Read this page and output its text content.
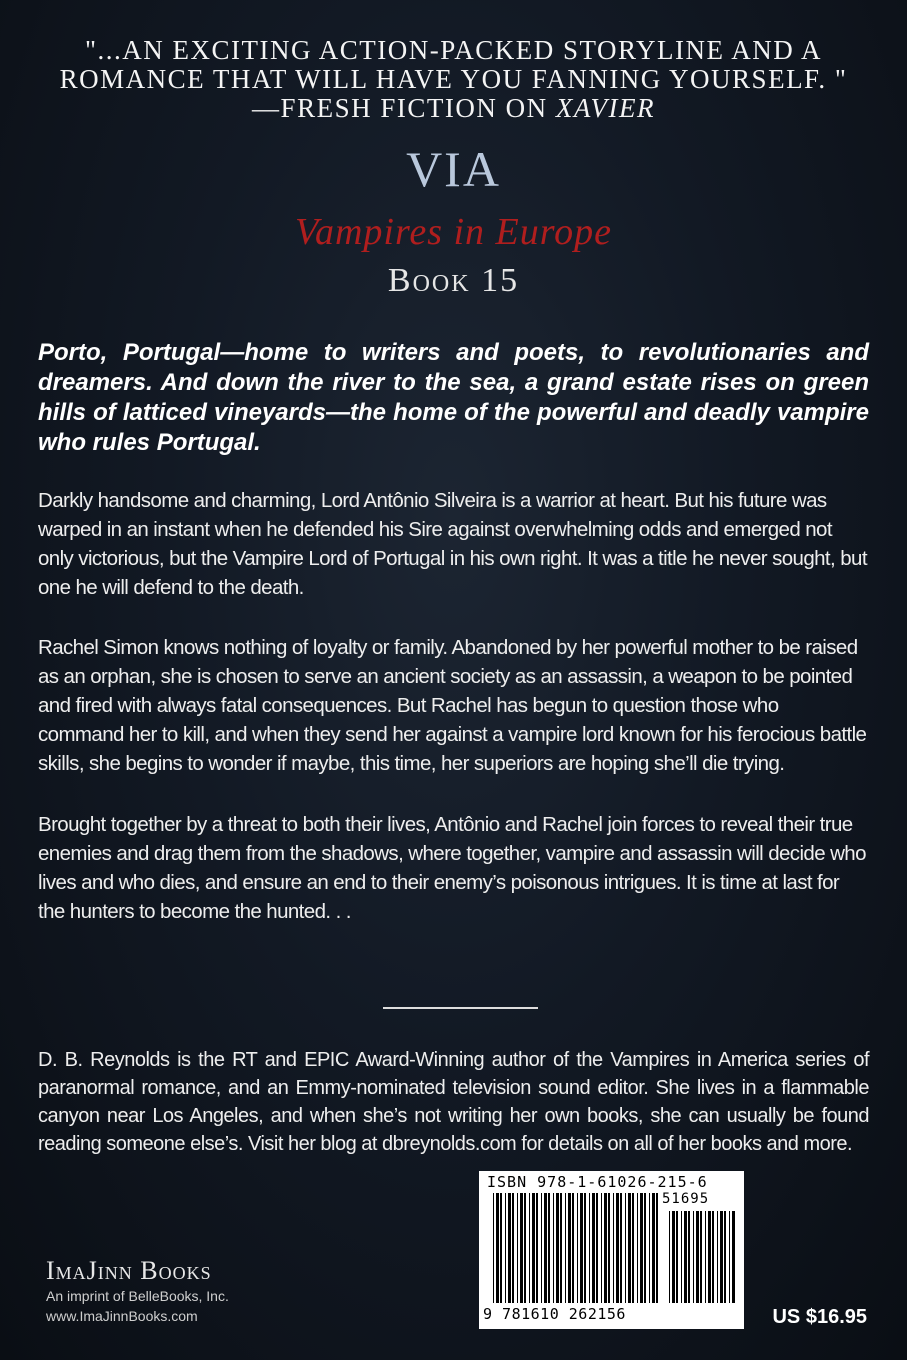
"...AN EXCITING ACTION-PACKED STORYLINE AND A ROMANCE THAT WILL HAVE YOU FANNING YOURSELF. "
—FRESH FICTION ON XAVIER
VIA
Vampires in Europe
Book 15
Porto, Portugal—home to writers and poets, to revolutionaries and dreamers. And down the river to the sea, a grand estate rises on green hills of latticed vineyards—the home of the powerful and deadly vampire who rules Portugal.

Darkly handsome and charming, Lord Antônio Silveira is a warrior at heart. But his future was warped in an instant when he defended his Sire against overwhelming odds and emerged not only victorious, but the Vampire Lord of Portugal in his own right. It was a title he never sought, but one he will defend to the death.

Rachel Simon knows nothing of loyalty or family. Abandoned by her powerful mother to be raised as an orphan, she is chosen to serve an ancient society as an assassin, a weapon to be pointed and fired with always fatal consequences. But Rachel has begun to question those who command her to kill, and when they send her against a vampire lord known for his ferocious battle skills, she begins to wonder if maybe, this time, her superiors are hoping she’ll die trying.

Brought together by a threat to both their lives, Antônio and Rachel join forces to reveal their true enemies and drag them from the shadows, where together, vampire and assassin will decide who lives and who dies, and ensure an end to their enemy’s poisonous intrigues. It is time at last for the hunters to become the hunted. . .

D. B. Reynolds is the RT and EPIC Award-Winning author of the Vampires in America series of paranormal romance, and an Emmy-nominated television sound editor. She lives in a flammable canyon near Los Angeles, and when she’s not writing her own books, she can usually be found reading someone else’s. Visit her blog at dbreynolds.com for details on all of her books and more.
ImaJinn Books
An imprint of BelleBooks, Inc.
www.ImaJinnBooks.com
ISBN 978-1-61026-215-6
51695
9 781610 262156	US $16.95
